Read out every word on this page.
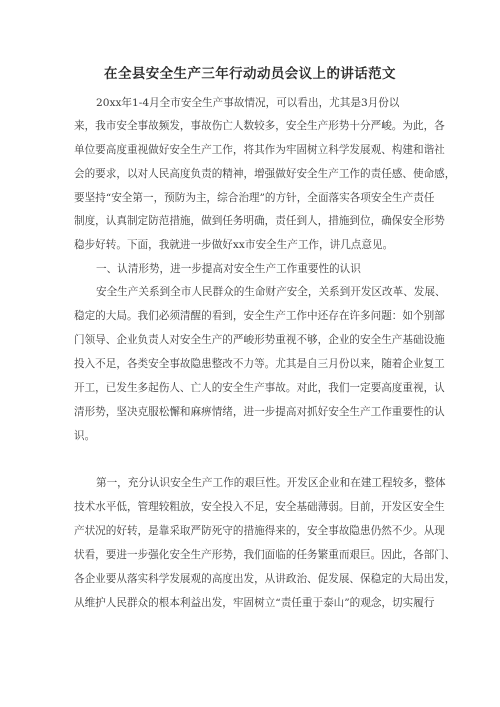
在全县安全生产三年行动动员会议上的讲话范文
20xx年1-4月全市安全生产事故情况，可以看出，尤其是3月份以
来，我市安全事故频发，事故伤亡人数较多，安全生产形势十分严峻。为此，各
单位要高度重视做好安全生产工作，将其作为牢固树立科学发展观、构建和谐社
会的要求，以对人民高度负责的精神，增强做好安全生产工作的责任感、使命感，
要坚持“安全第一，预防为主，综合治理”的方针，全面落实各项安全生产责任
制度，认真制定防范措施，做到任务明确，责任到人，措施到位，确保安全形势
稳步好转。下面，我就进一步做好xx市安全生产工作，讲几点意见。
一、认清形势，进一步提高对安全生产工作重要性的认识
安全生产关系到全市人民群众的生命财产安全，关系到开发区改革、发展、
稳定的大局。我们必须清醒的看到，安全生产工作中还存在许多问题：如个别部
门领导、企业负责人对安全生产的严峻形势重视不够，企业的安全生产基础设施
投入不足，各类安全事故隐患整改不力等。尤其是自三月份以来，随着企业复工
开工，已发生多起伤人、亡人的安全生产事故。对此，我们一定要高度重视，认
清形势，坚决克服松懈和麻痹情绪，进一步提高对抓好安全生产工作重要性的认
识。
第一，充分认识安全生产工作的艰巨性。开发区企业和在建工程较多，整体
技术水平低，管理较粗放，安全投入不足，安全基础薄弱。目前，开发区安全生
产状况的好转，是靠采取严防死守的措施得来的，安全事故隐患仍然不少。从现
状看，要进一步强化安全生产形势，我们面临的任务繁重而艰巨。因此，各部门、
各企业要从落实科学发展观的高度出发，从讲政治、促发展、保稳定的大局出发，
从维护人民群众的根本利益出发，牢固树立“责任重于泰山”的观念，切实履行
